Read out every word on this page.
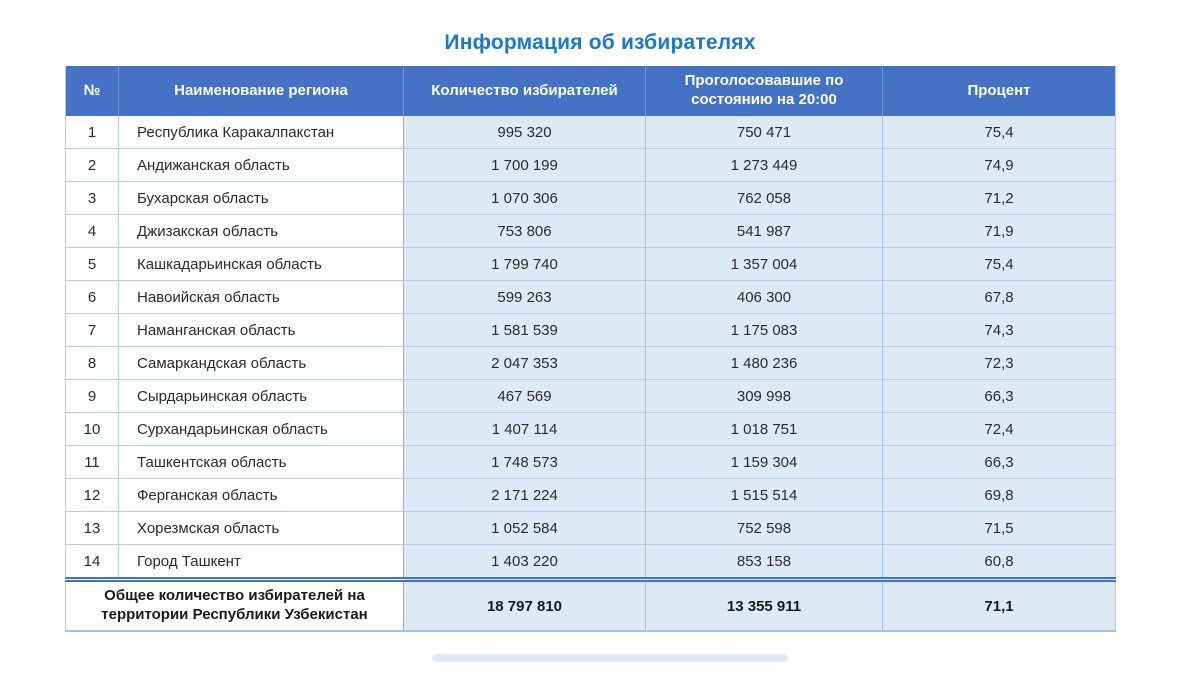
Информация об избирателях
№	Наименование региона	Количество избирателей	Проголосовавшие по состоянию на 20:00	Процент
1	Республика Каракалпакстан	995 320	750 471	75,4
2	Андижанская область	1 700 199	1 273 449	74,9
3	Бухарская область	1 070 306	762 058	71,2
4	Джизакская область	753 806	541 987	71,9
5	Кашкадарьинская область	1 799 740	1 357 004	75,4
6	Навоийская область	599 263	406 300	67,8
7	Наманганская область	1 581 539	1 175 083	74,3
8	Самаркандская область	2 047 353	1 480 236	72,3
9	Сырдарьинская область	467 569	309 998	66,3
10	Сурхандарьинская область	1 407 114	1 018 751	72,4
11	Ташкентская область	1 748 573	1 159 304	66,3
12	Ферганская область	2 171 224	1 515 514	69,8
13	Хорезмская область	1 052 584	752 598	71,5
14	Город Ташкент	1 403 220	853 158	60,8
Общее количество избирателей на территории Республики Узбекистан		18 797 810	13 355 911	71,1
